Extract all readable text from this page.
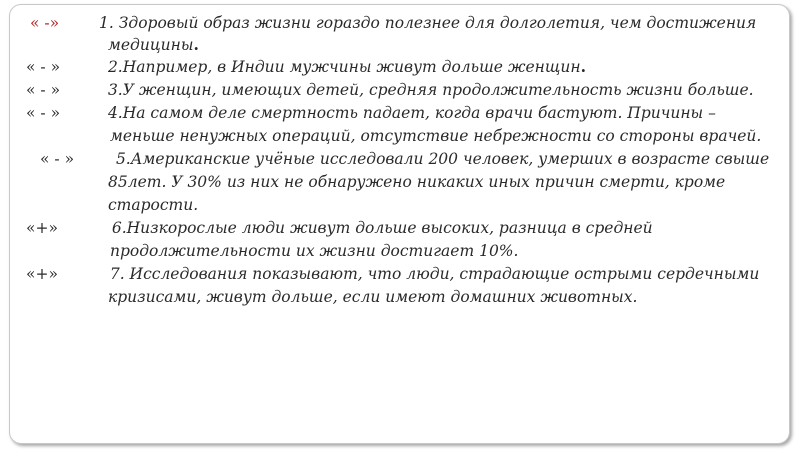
« -»	1. Здоровый образ жизни гораздо полезнее для долголетия, чем достижения
медицины.
« - »	2.Например, в Индии мужчины живут дольше женщин.
« - »	3.У женщин, имеющих детей, средняя продолжительность жизни больше.
« - »	4.На самом деле смертность падает, когда врачи бастуют. Причины –
меньше ненужных операций, отсутствие небрежности со стороны врачей.
« - »	5.Американские учёные исследовали 200 человек, умерших в возрасте свыше
85лет. У 30% из них не обнаружено никаких иных причин смерти, кроме
старости.
«+»	6.Низкорослые люди живут дольше высоких, разница в средней
продолжительности их жизни достигает 10%.
«+»	7. Исследования показывают, что люди, страдающие острыми сердечными
кризисами, живут дольше, если имеют домашних животных.
